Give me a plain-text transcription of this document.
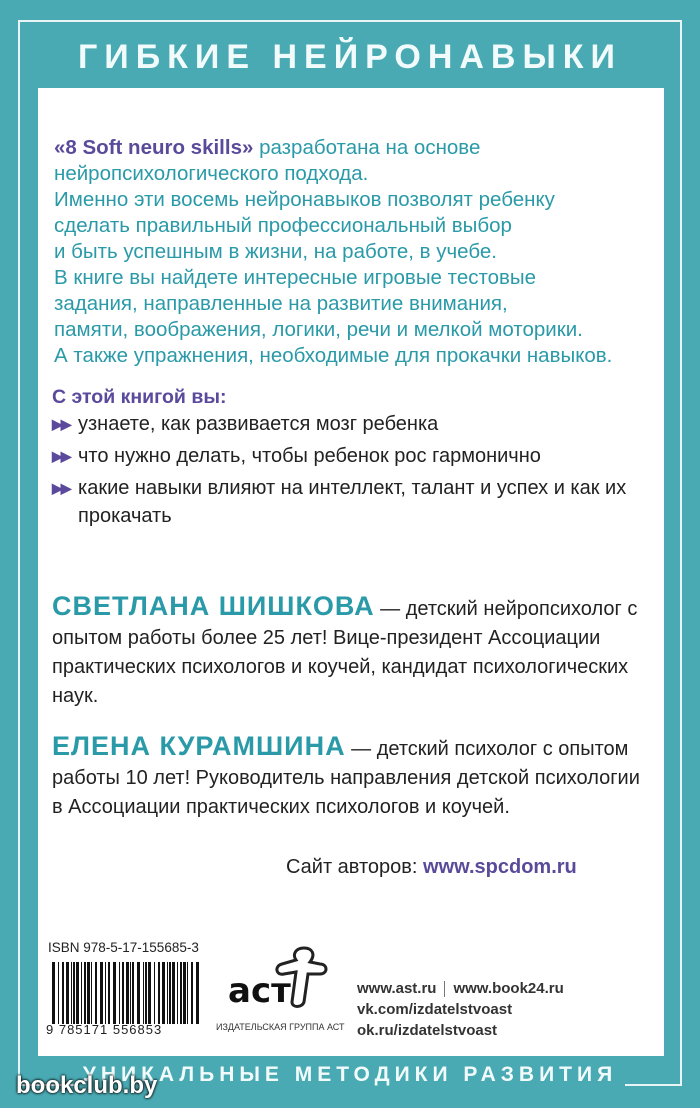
ГИБКИЕ НЕЙРОНАВЫКИ

«8 Soft neuro skills» разработана на основе

нейропсихологического подхода.

Именно эти восемь нейронавыков позволят ребенку

сделать правильный профессиональный выбор

и быть успешным в жизни, на работе, в учебе.

В книге вы найдете интересные игровые тестовые

задания, направленные на развитие внимания,

памяти, воображения, логики, речи и мелкой моторики.

А также упражнения, необходимые для прокачки навыков.

С этой книгой вы:
▶▶ узнаете, как развивается мозг ребенка
▶▶ что нужно делать, чтобы ребенок рос гармонично
▶▶ какие навыки влияют на интеллект, талант и успех и как их прокачать
СВЕТЛАНА ШИШКОВА — детский нейропсихолог с опытом работы более 25 лет! Вице-президент Ассоциации практических психологов и коучей, кандидат психологических наук.
ЕЛЕНА КУРАМШИНА — детский психолог с опытом работы 10 лет! Руководитель направления детской психологии в Ассоциации практических психологов и коучей.
Сайт авторов: www.spcdom.ru
ISBN 978-5-17-155685-3
9 785171 556853
аст
ИЗДАТЕЛЬСКАЯ ГРУППА АСТ
www.ast.ru www.book24.ru
vk.com/izdatelstvoast
ok.ru/izdatelstvoast
УНИКАЛЬНЫЕ МЕТОДИКИ РАЗВИТИЯ
bookclub.by
